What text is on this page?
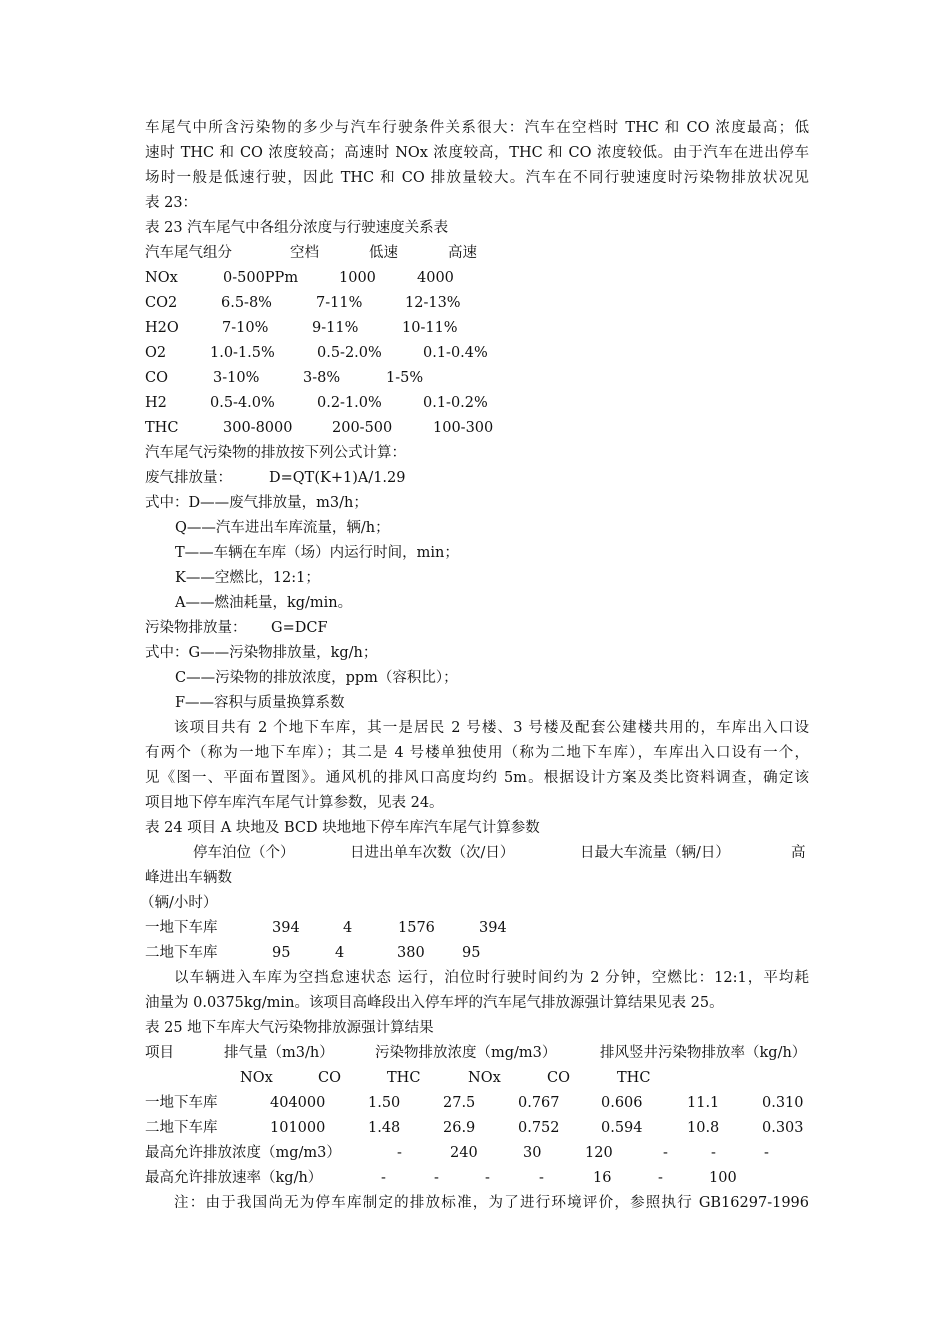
车尾气中所含污染物的多少与汽车行驶条件关系很大：汽车在空档时 THC 和 CO 浓度最高；低
速时 THC 和 CO 浓度较高；高速时 NOx 浓度较高，THC 和 CO 浓度较低。由于汽车在进出停车
场时一般是低速行驶，因此 THC 和 CO 排放量较大。汽车在不同行驶速度时污染物排放状况见
表 23：
表 23 汽车尾气中各组分浓度与行驶速度关系表
汽车尾气组分	空档	低速	高速
NOx	0-500PPm	1000	4000
CO2	6.5-8%	7-11%	12-13%
H2O	7-10%	9-11%	10-11%
O2	1.0-1.5%	0.5-2.0%	0.1-0.4%
CO	3-10%	3-8%	1-5%
H2	0.5-4.0%	0.2-1.0%	0.1-0.2%
THC	300-8000	200-500	100-300
汽车尾气污染物的排放按下列公式计算：
废气排放量：	D=QT(K+1)A/1.29
式中：D——废气排放量，m3/h；
Q——汽车进出车库流量，辆/h；
T——车辆在车库（场）内运行时间，min；
K——空燃比，12:1；
A——燃油耗量，kg/min。
污染物排放量： G=DCF
式中：G——污染物排放量，kg/h；
C——污染物的排放浓度，ppm（容积比）；
F——容积与质量换算系数
该项目共有 2 个地下车库，其一是居民 2 号楼、3 号楼及配套公建楼共用的，车库出入口设
有两个（称为一地下车库）；其二是 4 号楼单独使用（称为二地下车库），车库出入口设有一个，
见《图一、平面布置图》。通风机的排风口高度均约 5m。根据设计方案及类比资料调查，确定该
项目地下停车库汽车尾气计算参数，见表 24。
表 24 项目 A 块地及 BCD 块地地下停车库汽车尾气计算参数
停车泊位（个）	日进出单车次数（次/日）	日最大车流量（辆/日）	高
峰进出车辆数
（辆/小时）
一地下车库	394	4	1576	394
二地下车库	95	4	380	95
以车辆进入车库为空挡怠速状态 运行，泊位时行驶时间约为 2 分钟，空燃比：12:1，平均耗
油量为 0.0375kg/min。该项目高峰段出入停车坪的汽车尾气排放源强计算结果见表 25。
表 25 地下车库大气污染物排放源强计算结果
项目	排气量（m3/h）	污染物排放浓度（mg/m3）	排风竖井污染物排放率（kg/h）
NOx	CO	THC	NOx	CO	THC
一地下车库	404000	1.50	27.5	0.767	0.606	11.1	0.310
二地下车库	101000	1.48	26.9	0.752	0.594	10.8	0.303
最高允许排放浓度（mg/m3）	-	240	30	120	-	-	-
最高允许排放速率（kg/h）	-	-	-	-	16	-	100
注：由于我国尚无为停车库制定的排放标准，为了进行环境评价，参照执行 GB16297-1996
